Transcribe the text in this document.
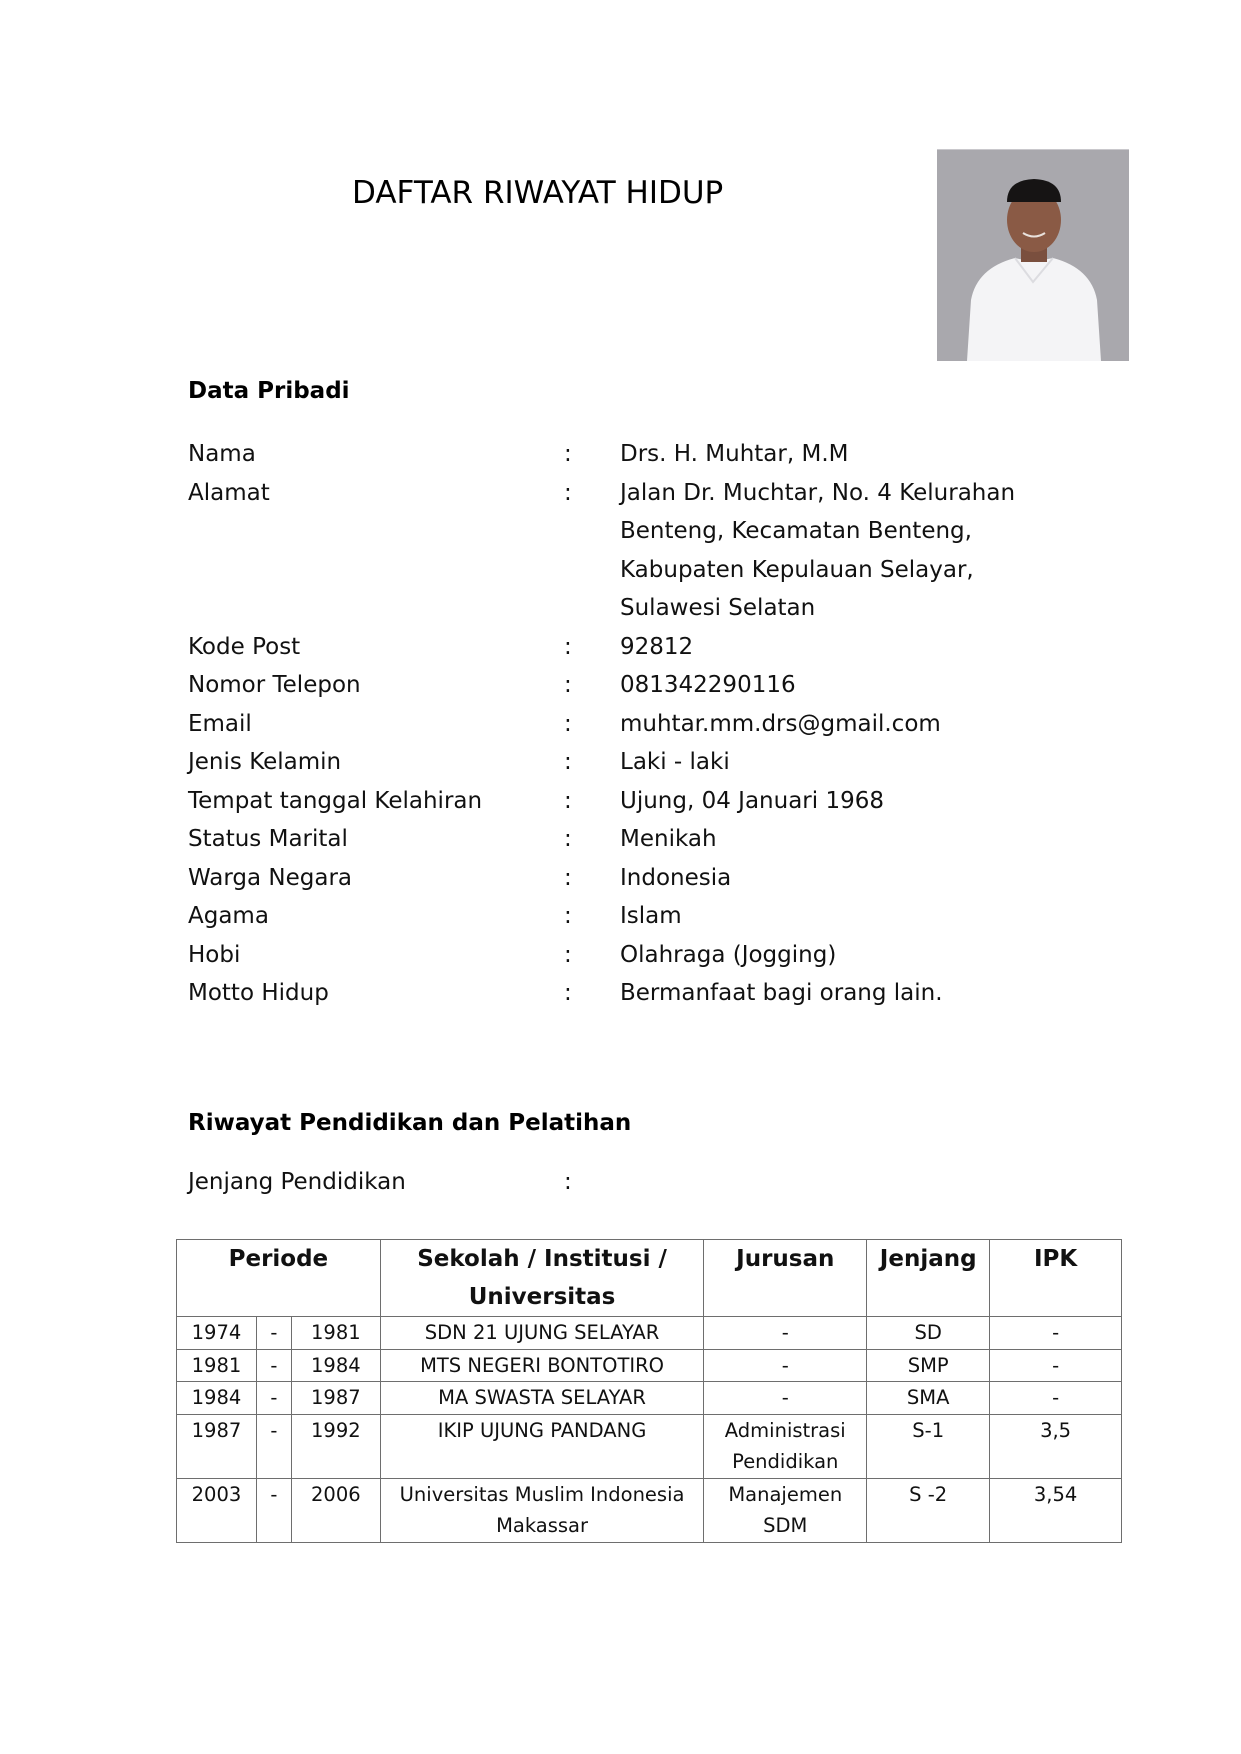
DAFTAR RIWAYAT HIDUP
Data Pribadi
Nama	: Drs. H. Muhtar, M.M
Alamat	: Jalan Dr. Muchtar, No. 4 Kelurahan
Benteng, Kecamatan Benteng,
Kabupaten Kepulauan Selayar,
Sulawesi Selatan
Kode Post	: 92812
Nomor Telepon	: 081342290116
Email	: muhtar.mm.drs@gmail.com
Jenis Kelamin	: Laki - laki
Tempat tanggal Kelahiran	: Ujung, 04 Januari 1968
Status Marital	: Menikah
Warga Negara	: Indonesia
Agama	: Islam
Hobi	: Olahraga (Jogging)
Motto Hidup	: Bermanfaat bagi orang lain.
Riwayat Pendidikan dan Pelatihan
Jenjang Pendidikan	:
Periode			Sekolah / Institusi / Universitas	Jurusan	Jenjang	IPK
1974	-	1981	SDN 21 UJUNG SELAYAR	-	SD	-
1981	-	1984	MTS NEGERI BONTOTIRO	-	SMP	-
1984	-	1987	MA SWASTA SELAYAR	-	SMA	-
1987	-	1992	IKIP UJUNG PANDANG	Administrasi Pendidikan	S-1	3,5
2003	-	2006	Universitas Muslim Indonesia Makassar	Manajemen SDM	S -2	3,54
